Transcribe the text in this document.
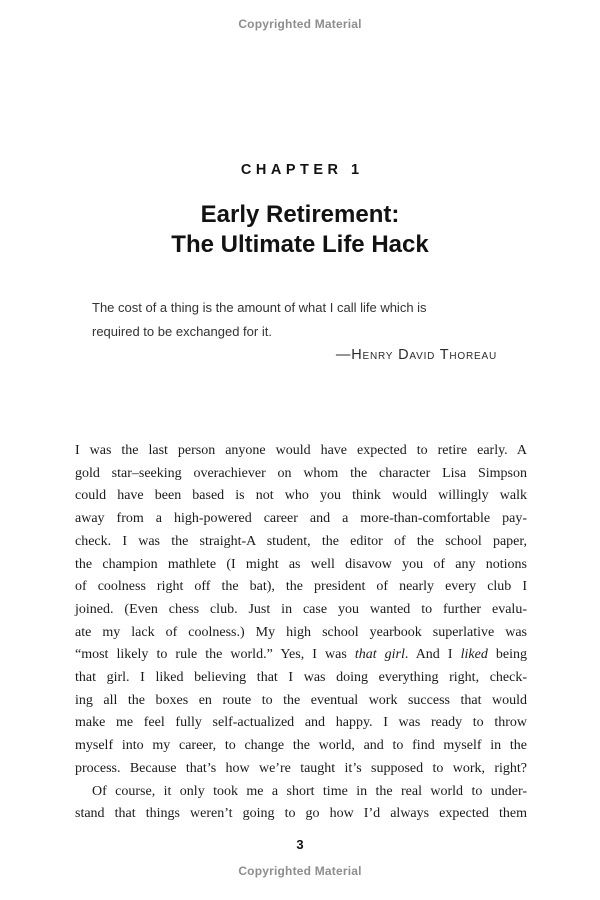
Copyrighted Material
CHAPTER 1
Early Retirement:
The Ultimate Life Hack
The cost of a thing is the amount of what I call life which is
required to be exchanged for it.
—Henry David Thoreau
I was the last person anyone would have expected to retire early. A
gold star–seeking overachiever on whom the character Lisa Simpson
could have been based is not who you think would willingly walk
away from a high-powered career and a more-than-comfortable pay-
check. I was the straight-A student, the editor of the school paper,
the champion mathlete (I might as well disavow you of any notions
of coolness right off the bat), the president of nearly every club I
joined. (Even chess club. Just in case you wanted to further evalu-
ate my lack of coolness.) My high school yearbook superlative was
“most likely to rule the world.” Yes, I was that girl. And I liked being
that girl. I liked believing that I was doing everything right, check-
ing all the boxes en route to the eventual work success that would
make me feel fully self-actualized and happy. I was ready to throw
myself into my career, to change the world, and to find myself in the
process. Because that’s how we’re taught it’s supposed to work, right?
Of course, it only took me a short time in the real world to under-
stand that things weren’t going to go how I’d always expected them
3
Copyrighted Material
